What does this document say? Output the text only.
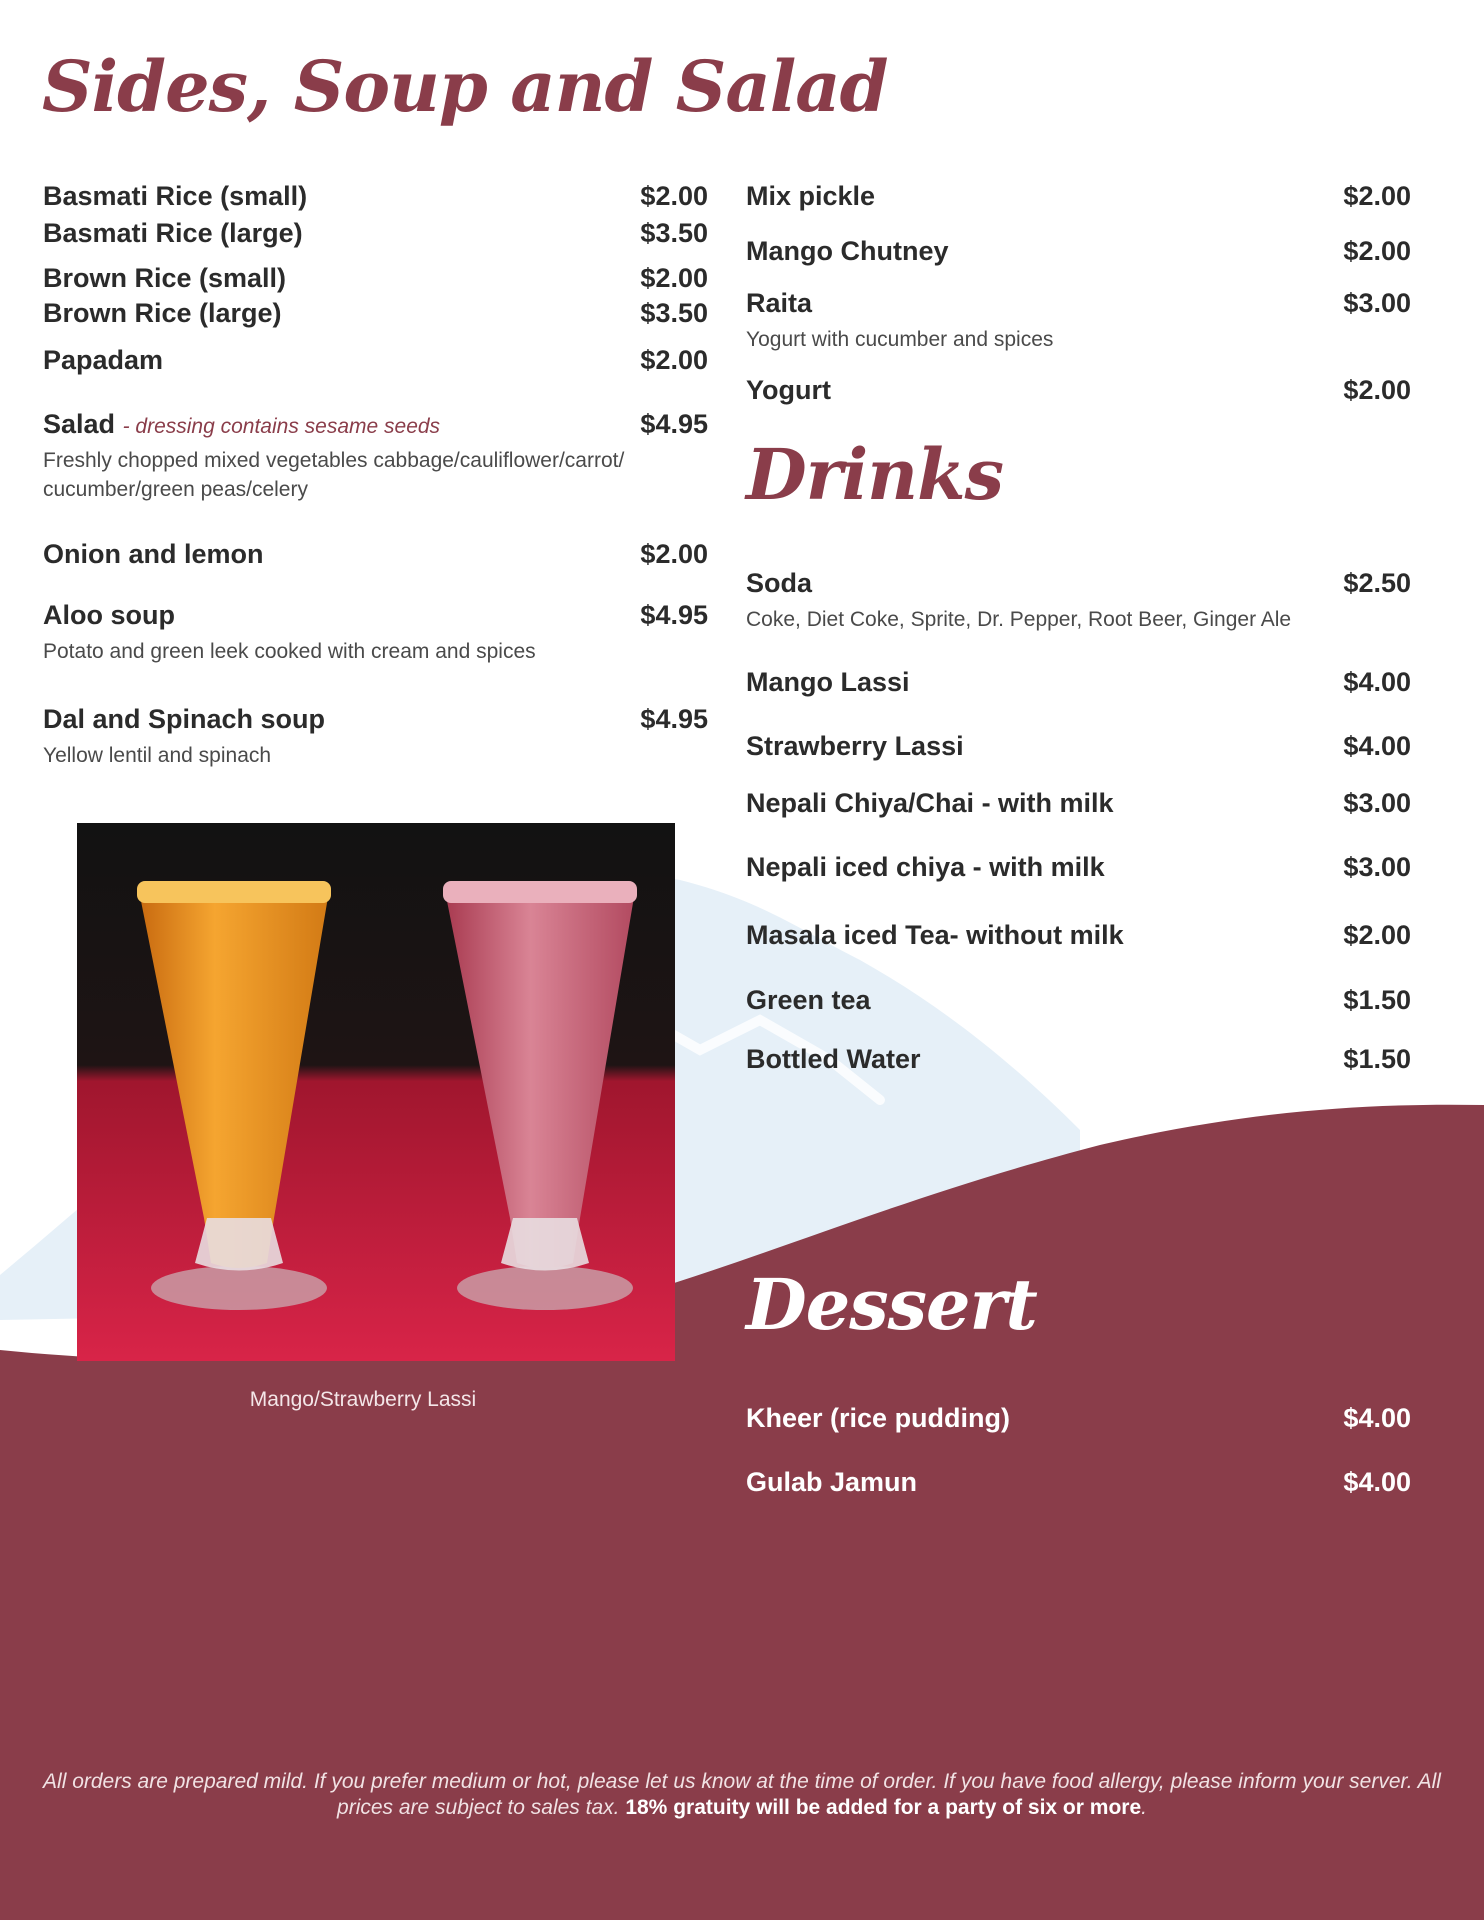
Sides, Soup and Salad
Basmati Rice (small)	$2.00
Basmati Rice (large)	$3.50
Brown Rice (small)	$2.00
Brown Rice (large)	$3.50
Papadam	$2.00
Salad - dressing contains sesame seeds	$4.95
Freshly chopped mixed vegetables cabbage/cauliflower/carrot/
cucumber/green peas/celery
Onion and lemon	$2.00
Aloo soup	$4.95
Potato and green leek cooked with cream and spices
Dal and Spinach soup	$4.95
Yellow lentil and spinach
Mix pickle	$2.00
Mango Chutney	$2.00
Raita	$3.00
Yogurt with cucumber and spices
Yogurt	$2.00
Drinks
Soda	$2.50
Coke, Diet Coke, Sprite, Dr. Pepper, Root Beer, Ginger Ale
Mango Lassi	$4.00
Strawberry Lassi	$4.00
Nepali Chiya/Chai - with milk	$3.00
Nepali iced chiya - with milk	$3.00
Masala iced Tea- without milk	$2.00
Green tea	$1.50
Bottled Water	$1.50
Mango/Strawberry Lassi
Dessert
Kheer (rice pudding)	$4.00
Gulab Jamun	$4.00
All orders are prepared mild. If you prefer medium or hot, please let us know at the time of order. If you have food allergy, please inform your server. All prices are subject to sales tax. 18% gratuity will be added for a party of six or more.
